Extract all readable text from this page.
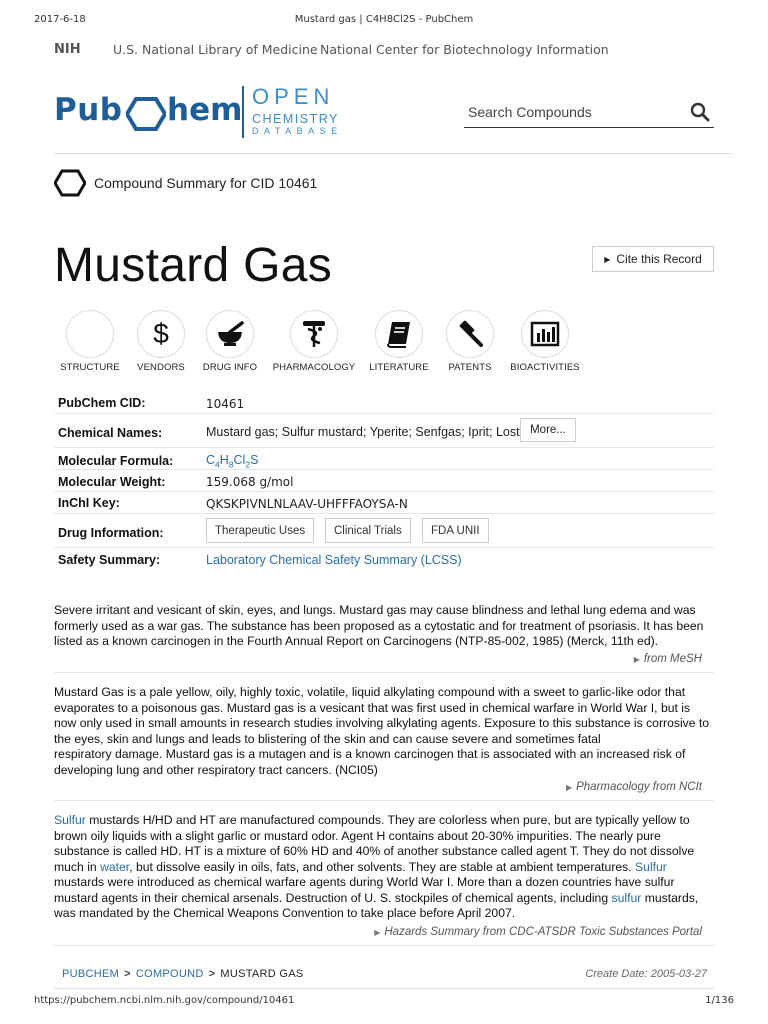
2017-6-18	Mustard gas | C4H8Cl2S - PubChem
NIH	U.S. National Library of Medicine National Center for Biotechnology Information
Pub hem OPEN
CHEMISTRY
DATABASE
Search Compounds
Compound Summary for CID 10461
Mustard Gas	▶ Cite this Record
STRUCTURE
$
VENDORS	DRUG INFO	PHARMACOLOGY	LITERATURE	PATENTS	BIOACTIVITIES
PubChem CID:	10461
Chemical Names:	Mustard gas; Sulfur mustard; Yperite; Senfgas; Iprit; Lost More...
Molecular Formula:	$C_4H_8Cl_2S$
Molecular Weight:	159.068 g/mol
InChI Key:	QKSKPIVNLNLAAV-UHFFFAOYSA-N
Drug Information:	Therapeutic Uses	Clinical Trials	FDA UNII
Safety Summary:	Laboratory Chemical Safety Summary (LCSS)
Severe irritant and vesicant of skin, eyes, and lungs. Mustard gas may cause blindness and lethal lung edema and was
formerly used as a war gas. The substance has been proposed as a cytostatic and for treatment of psoriasis. It has been
listed as a known carcinogen in the Fourth Annual Report on Carcinogens (NTP-85-002, 1985) (Merck, 11th ed).
▶ from MeSH
Mustard Gas is a pale yellow, oily, highly toxic, volatile, liquid alkylating compound with a sweet to garlic-like odor that
evaporates to a poisonous gas. Mustard gas is a vesicant that was first used in chemical warfare in World War I, but is
now only used in small amounts in research studies involving alkylating agents. Exposure to this substance is corrosive to
the eyes, skin and lungs and leads to blistering of the skin and can cause severe and sometimes fatal
respiratory damage. Mustard gas is a mutagen and is a known carcinogen that is associated with an increased risk of
developing lung and other respiratory tract cancers. (NCI05)
▶ Pharmacology from NCIt
Sulfur mustards H/HD and HT are manufactured compounds. They are colorless when pure, but are typically yellow to
brown oily liquids with a slight garlic or mustard odor. Agent H contains about 20-30% impurities. The nearly pure
substance is called HD. HT is a mixture of 60% HD and 40% of another substance called agent T. They do not dissolve
much in water, but dissolve easily in oils, fats, and other solvents. They are stable at ambient temperatures. Sulfur
mustards were introduced as chemical warfare agents during World War I. More than a dozen countries have sulfur
mustard agents in their chemical arsenals. Destruction of U. S. stockpiles of chemical agents, including sulfur mustards,
was mandated by the Chemical Weapons Convention to take place before April 2007.
▶ Hazards Summary from CDC-ATSDR Toxic Substances Portal
PUBCHEM > COMPOUND > MUSTARD GAS	Create Date: 2005-03-27
https://pubchem.ncbi.nlm.nih.gov/compound/10461	1/136
